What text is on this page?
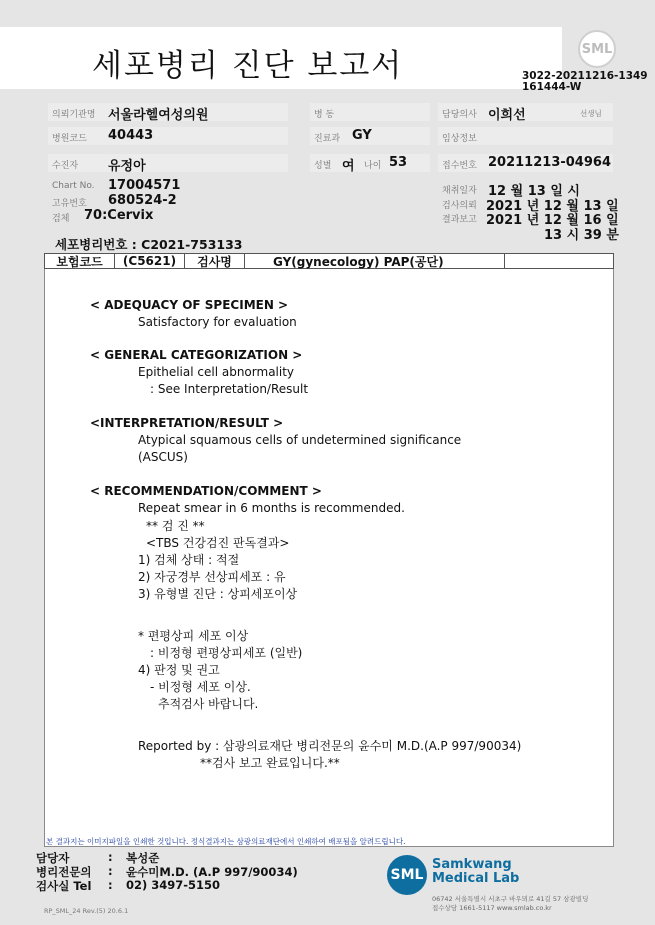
세포병리 진단 보고서	SML
3022-20211216-1349
161444-W
의뢰기관명 서울라헬여성의원	병 동	담당의사 이희선	선생님
병원코드 40443	진료과 GY	임상정보
수진자 유정아	성별 여 나이 53	접수번호 20211213-04964
Chart No. 17004571
고유번호 680524-2
검체 70:Cervix
채취일자 12 월 13 일 시
검사의뢰 2021 년 12 월 13 일
결과보고 2021 년 12 월 16 일
13 시 39 분
세포병리번호 : C2021-753133
보험코드	(C5621)	검사명	GY(gynecology) PAP(공단)
< ADEQUACY OF SPECIMEN >
Satisfactory for evaluation
< GENERAL CATEGORIZATION >
Epithelial cell abnormality
: See Interpretation/Result
<INTERPRETATION/RESULT >
Atypical squamous cells of undetermined significance
(ASCUS)
< RECOMMENDATION/COMMENT >
Repeat smear in 6 months is recommended.
** 검 진 **
<TBS 건강검진 판독결과>
1) 검체 상태 : 적절
2) 자궁경부 선상피세포 : 유
3) 유형별 진단 : 상피세포이상
* 편평상피 세포 이상
: 비정형 편평상피세포 (일반)
4) 판정 및 권고
- 비정형 세포 이상.
추적검사 바랍니다.
Reported by : 삼광의료재단 병리전문의 윤수미 M.D.(A.P 997/90034)
**검사 보고 완료입니다.**
본 결과지는 이미지파일을 인쇄한 것입니다. 정식결과지는 삼광의료재단에서 인쇄하여 배포됨을 알려드립니다.
담당자	: 복성준
병리전문의 : 윤수미M.D. (A.P 997/90034)
검사실 Tel : 02) 3497-5150
SML
Samkwang
Medical Lab
06742 서울특별시 서초구 바우뫼로 41길 57 삼광빌딩
접수상담 1661-5117 www.smlab.co.kr
RP_SML_24 Rev.(5) 20.6.1
